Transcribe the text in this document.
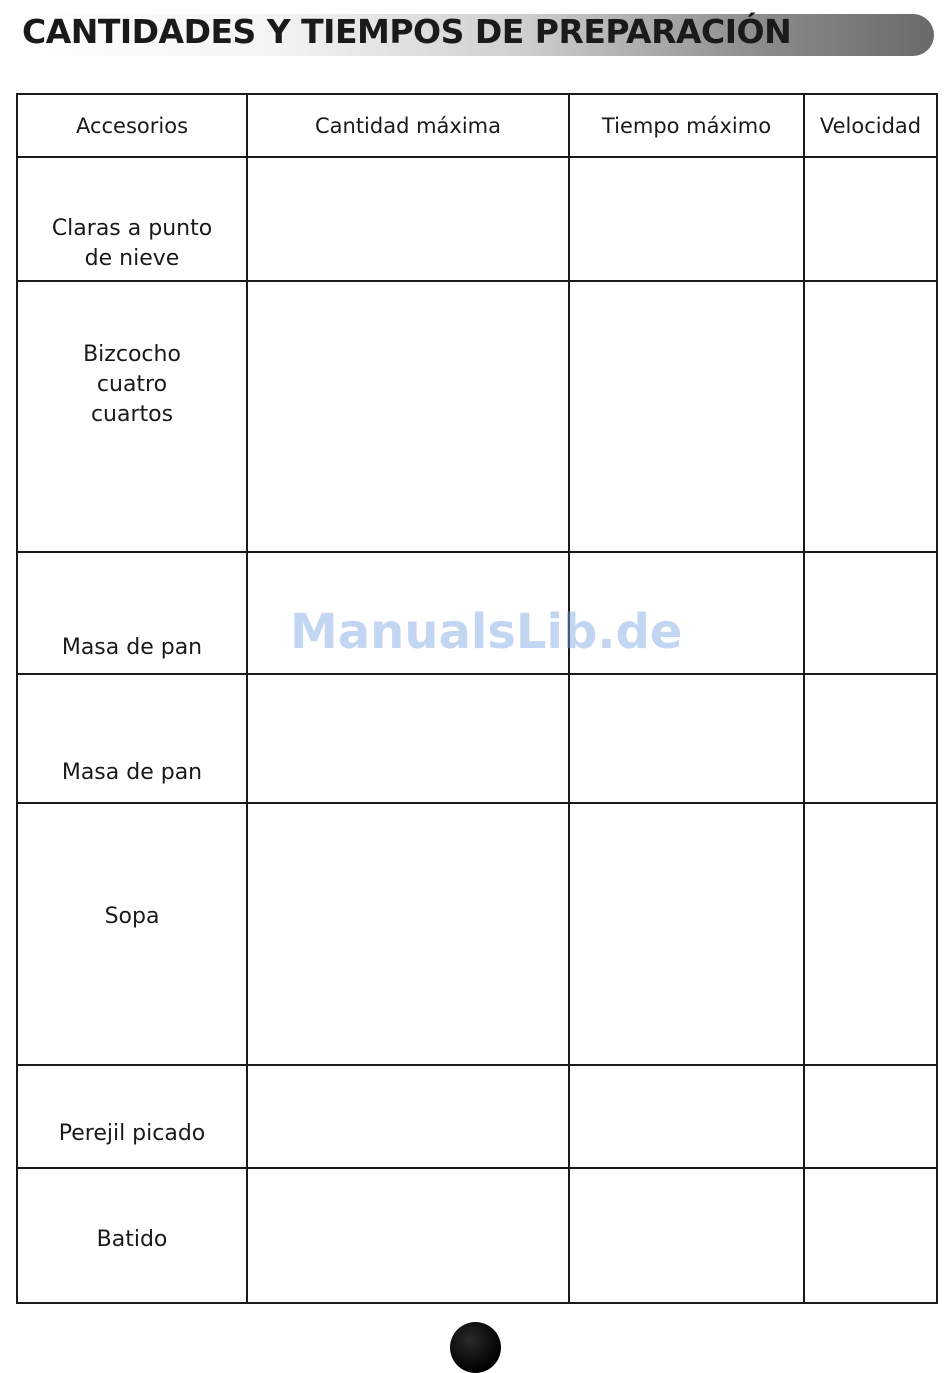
CANTIDADES Y TIEMPOS DE PREPARACIÓN
Accesorios	Cantidad máxima	Tiempo máximo	Velocidad

Claras a punto
de nieve			

Bizcocho
cuatro
cuartos			

Masa de pan			

Masa de pan			

Sopa			

Perejil picado			

Batido			

ManualsLib.de
